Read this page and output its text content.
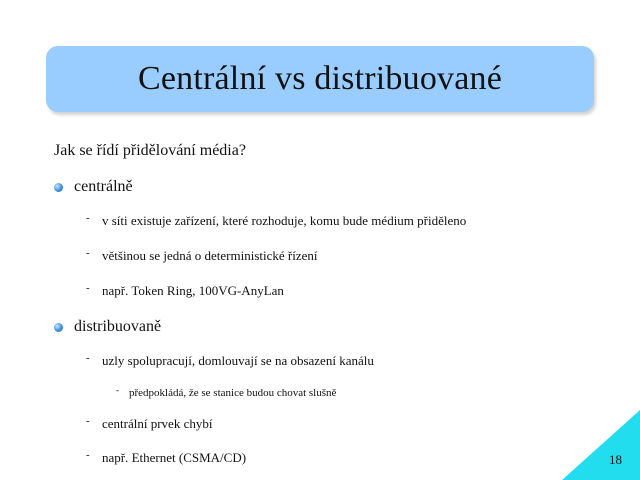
Centrální vs distribuované
Jak se řídí přidělování média?
centrálně
- v síti existuje zařízení, které rozhoduje, komu bude médium přiděleno
- většinou se jedná o deterministické řízení
- např. Token Ring, 100VG-AnyLan
distribuovaně
- uzly spolupracují, domlouvají se na obsazení kanálu
- předpokládá, že se stanice budou chovat slušně
- centrální prvek chybí
- např. Ethernet (CSMA/CD)	18
